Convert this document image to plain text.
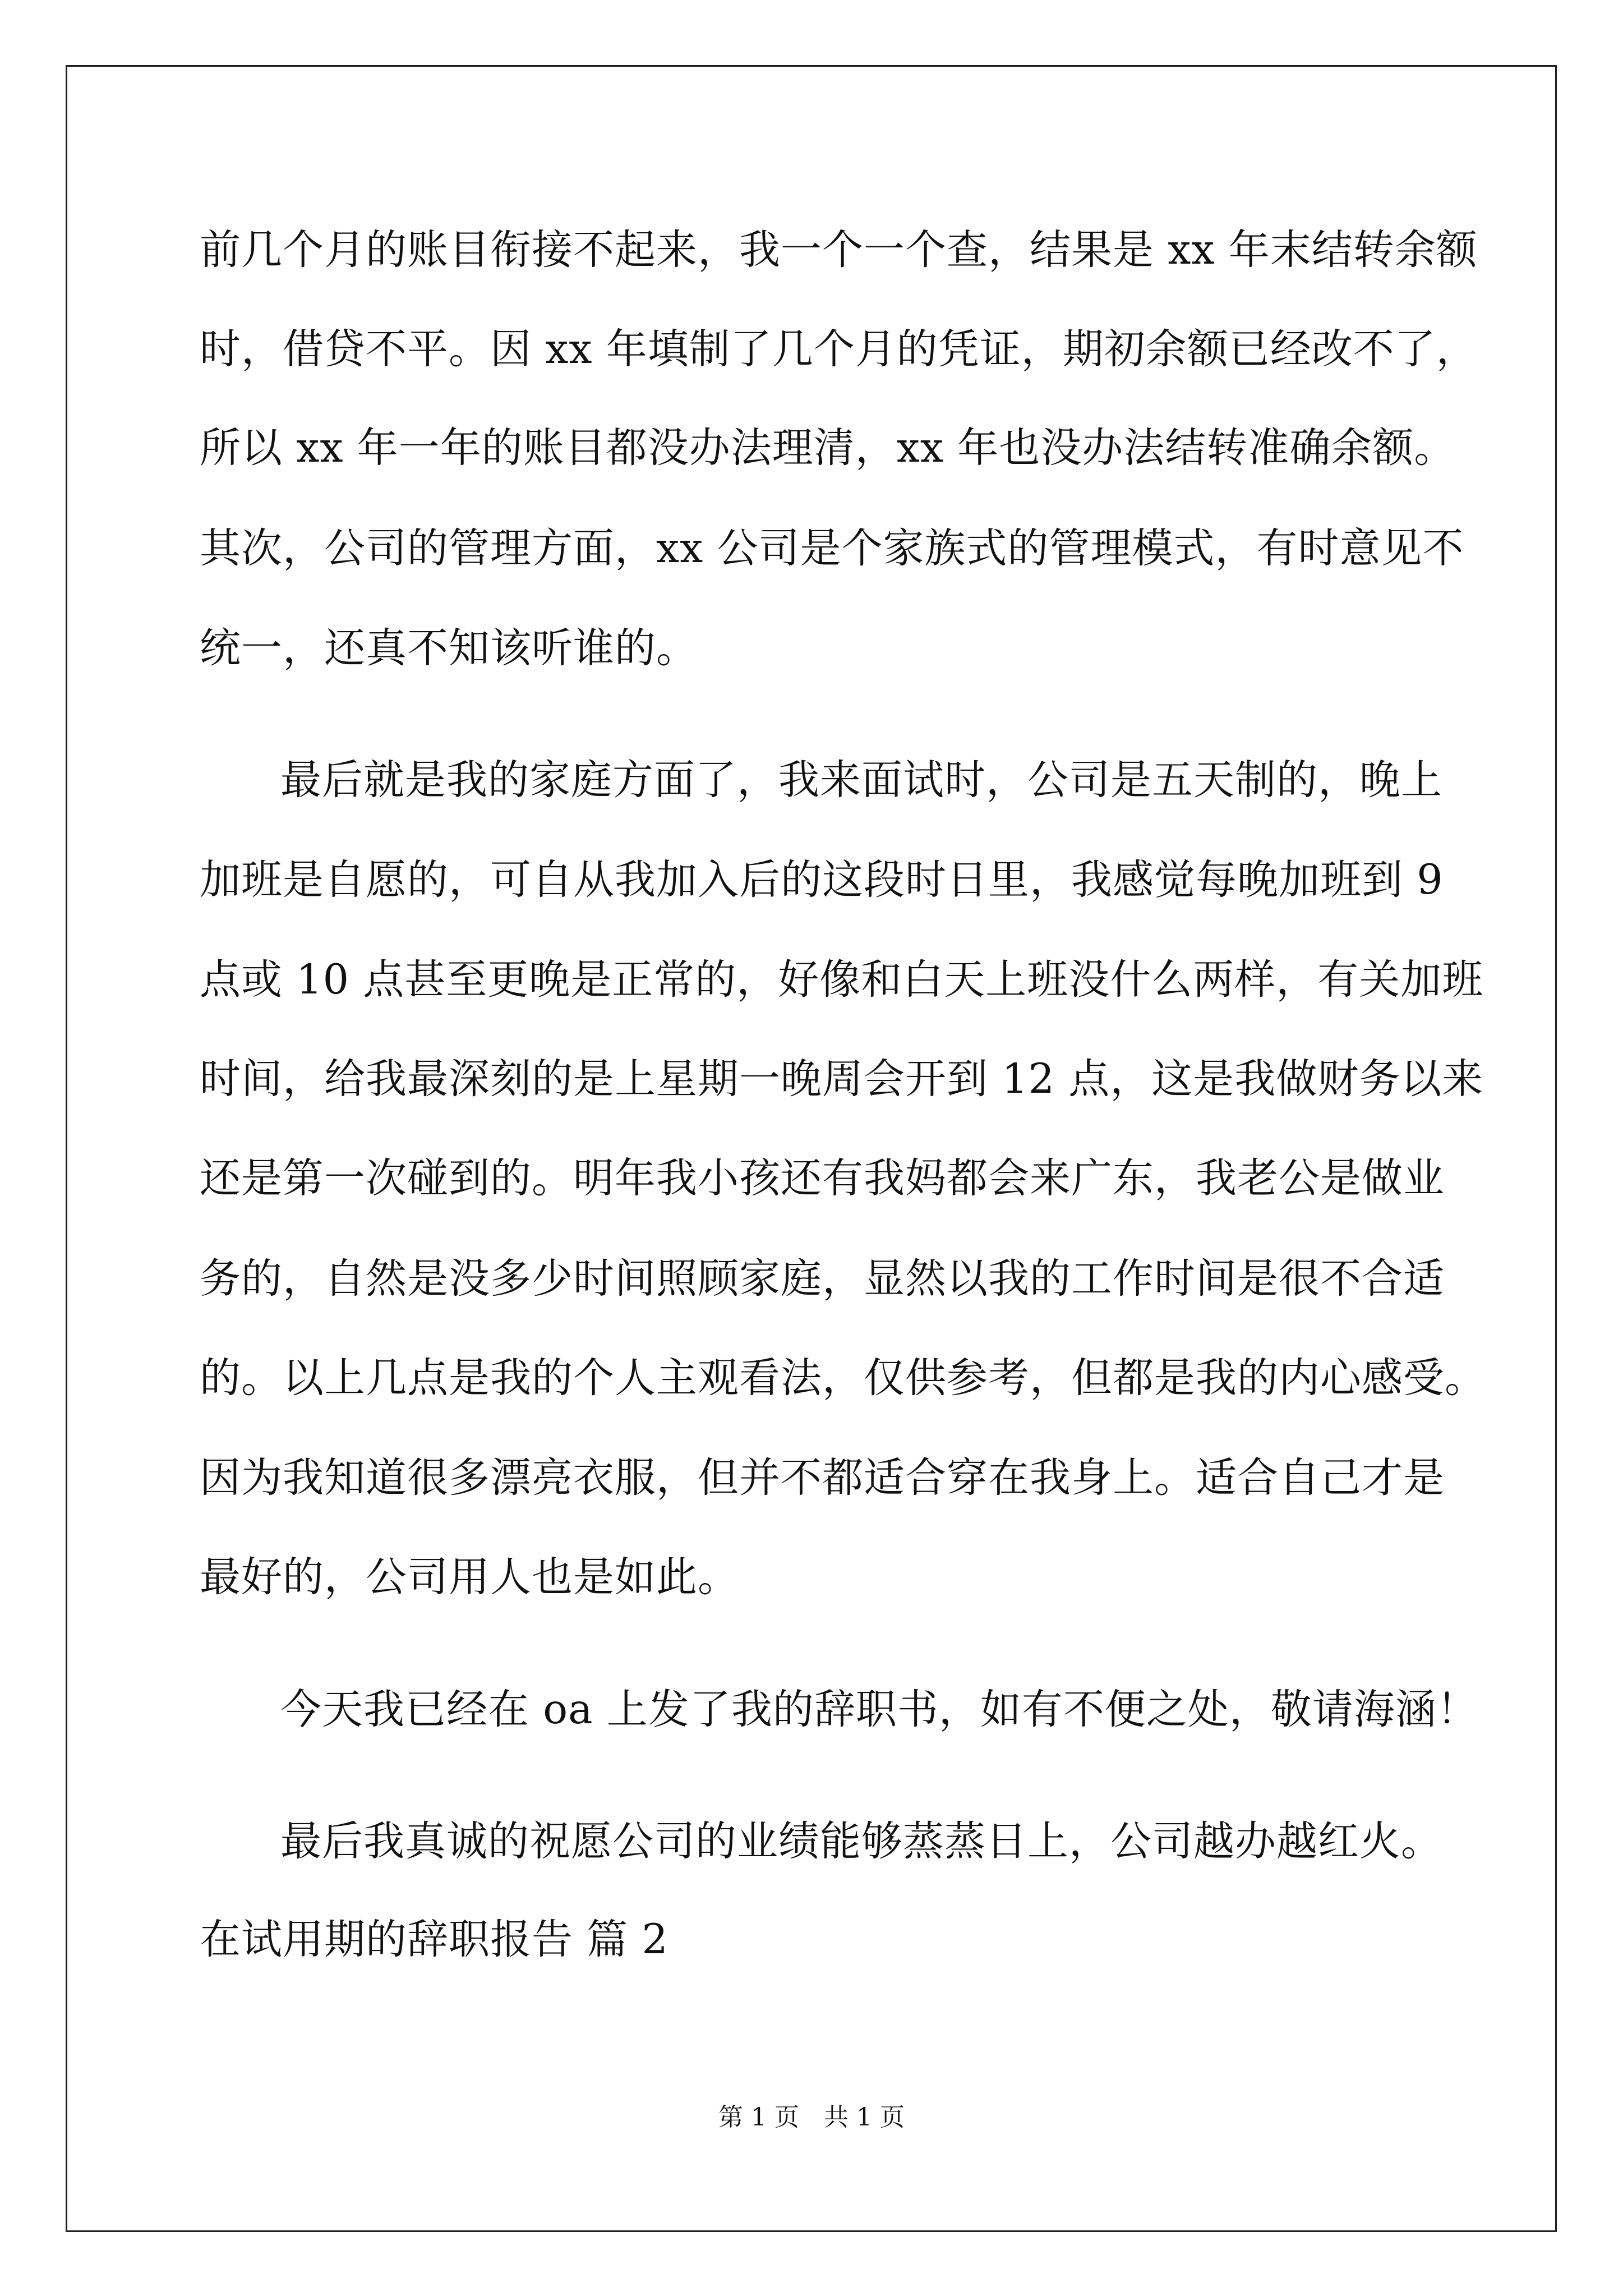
前几个月的账目衔接不起来，我一个一个查，结果是 xx 年末结转余额
时，借贷不平。因 xx 年填制了几个月的凭证，期初余额已经改不了，
所以 xx 年一年的账目都没办法理清，xx 年也没办法结转准确余额。
其次，公司的管理方面，xx 公司是个家族式的管理模式，有时意见不
统一，还真不知该听谁的。
最后就是我的家庭方面了，我来面试时，公司是五天制的，晚上
加班是自愿的，可自从我加入后的这段时日里，我感觉每晚加班到 9
点或 10 点甚至更晚是正常的，好像和白天上班没什么两样，有关加班
时间，给我最深刻的是上星期一晚周会开到 12 点，这是我做财务以来
还是第一次碰到的。明年我小孩还有我妈都会来广东，我老公是做业
务的，自然是没多少时间照顾家庭，显然以我的工作时间是很不合适
的。以上几点是我的个人主观看法，仅供参考，但都是我的内心感受。
因为我知道很多漂亮衣服，但并不都适合穿在我身上。适合自己才是
最好的，公司用人也是如此。
今天我已经在 oa 上发了我的辞职书，如有不便之处，敬请海涵！
最后我真诚的祝愿公司的业绩能够蒸蒸日上，公司越办越红火。
在试用期的辞职报告 篇 2
第 1 页　共 1 页
